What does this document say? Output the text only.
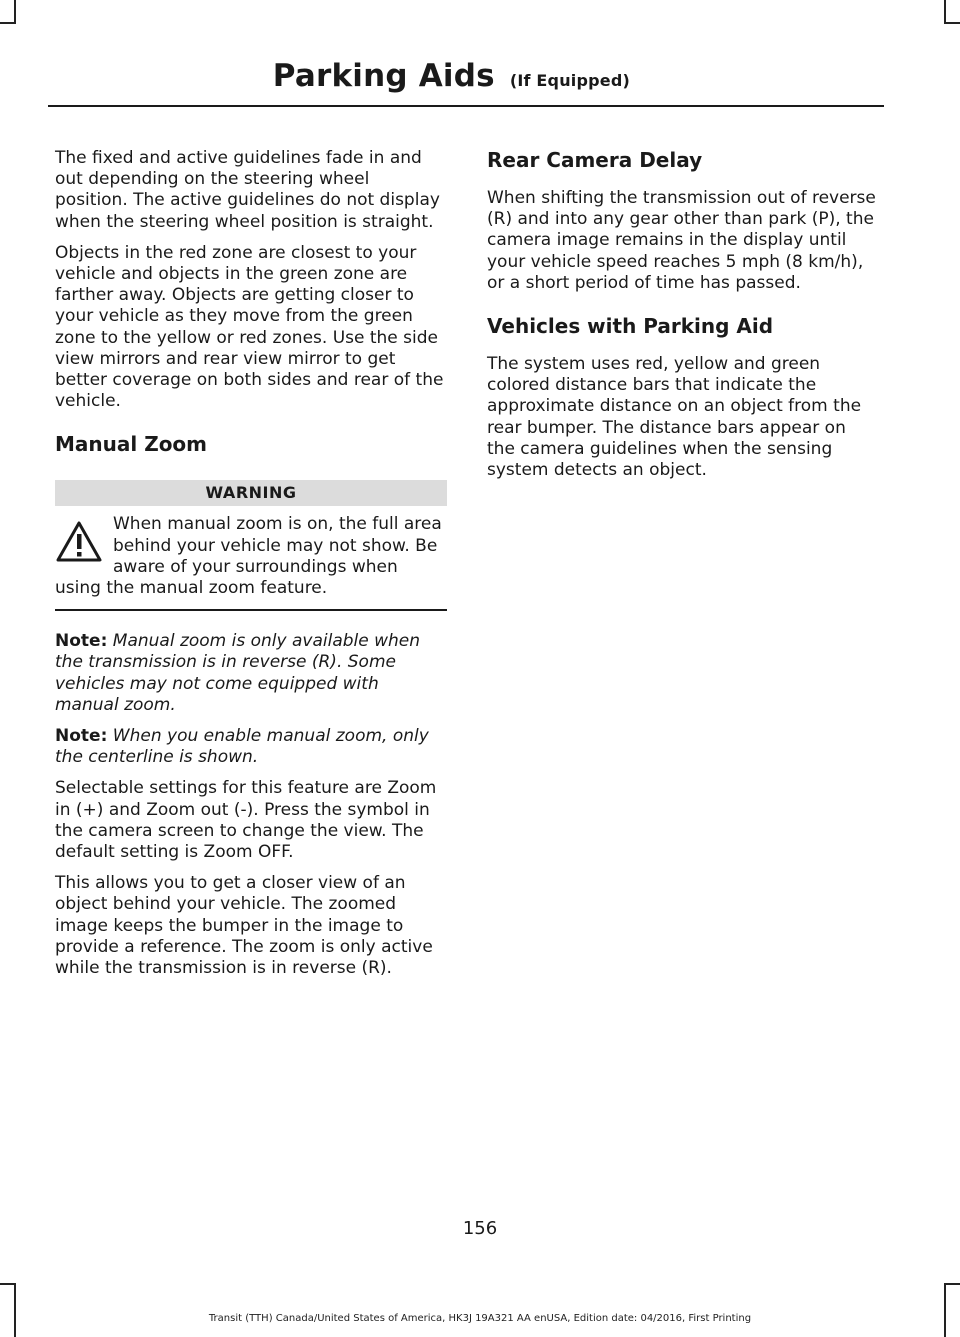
Parking Aids (If Equipped)

The fixed and active guidelines fade in and out depending on the steering wheel position. The active guidelines do not display when the steering wheel position is straight.

Objects in the red zone are closest to your vehicle and objects in the green zone are farther away. Objects are getting closer to your vehicle as they move from the green zone to the yellow or red zones. Use the side view mirrors and rear view mirror to get better coverage on both sides and rear of the vehicle.

Manual Zoom
WARNING
When manual zoom is on, the full area behind your vehicle may not show. Be aware of your surroundings when using the manual zoom feature.

Note: Manual zoom is only available when the transmission is in reverse (R). Some vehicles may not come equipped with manual zoom.

Note: When you enable manual zoom, only the centerline is shown.

Selectable settings for this feature are Zoom in (+) and Zoom out (-). Press the symbol in the camera screen to change the view. The default setting is Zoom OFF.

This allows you to get a closer view of an object behind your vehicle. The zoomed image keeps the bumper in the image to provide a reference. The zoom is only active while the transmission is in reverse (R).

Rear Camera Delay

When shifting the transmission out of reverse (R) and into any gear other than park (P), the camera image remains in the display until your vehicle speed reaches 5 mph (8 km/h), or a short period of time has passed.

Vehicles with Parking Aid

The system uses red, yellow and green colored distance bars that indicate the approximate distance on an object from the rear bumper. The distance bars appear on the camera guidelines when the sensing system detects an object.

156
Transit (TTH) Canada/United States of America, HK3J 19A321 AA enUSA, Edition date: 04/2016, First Printing
